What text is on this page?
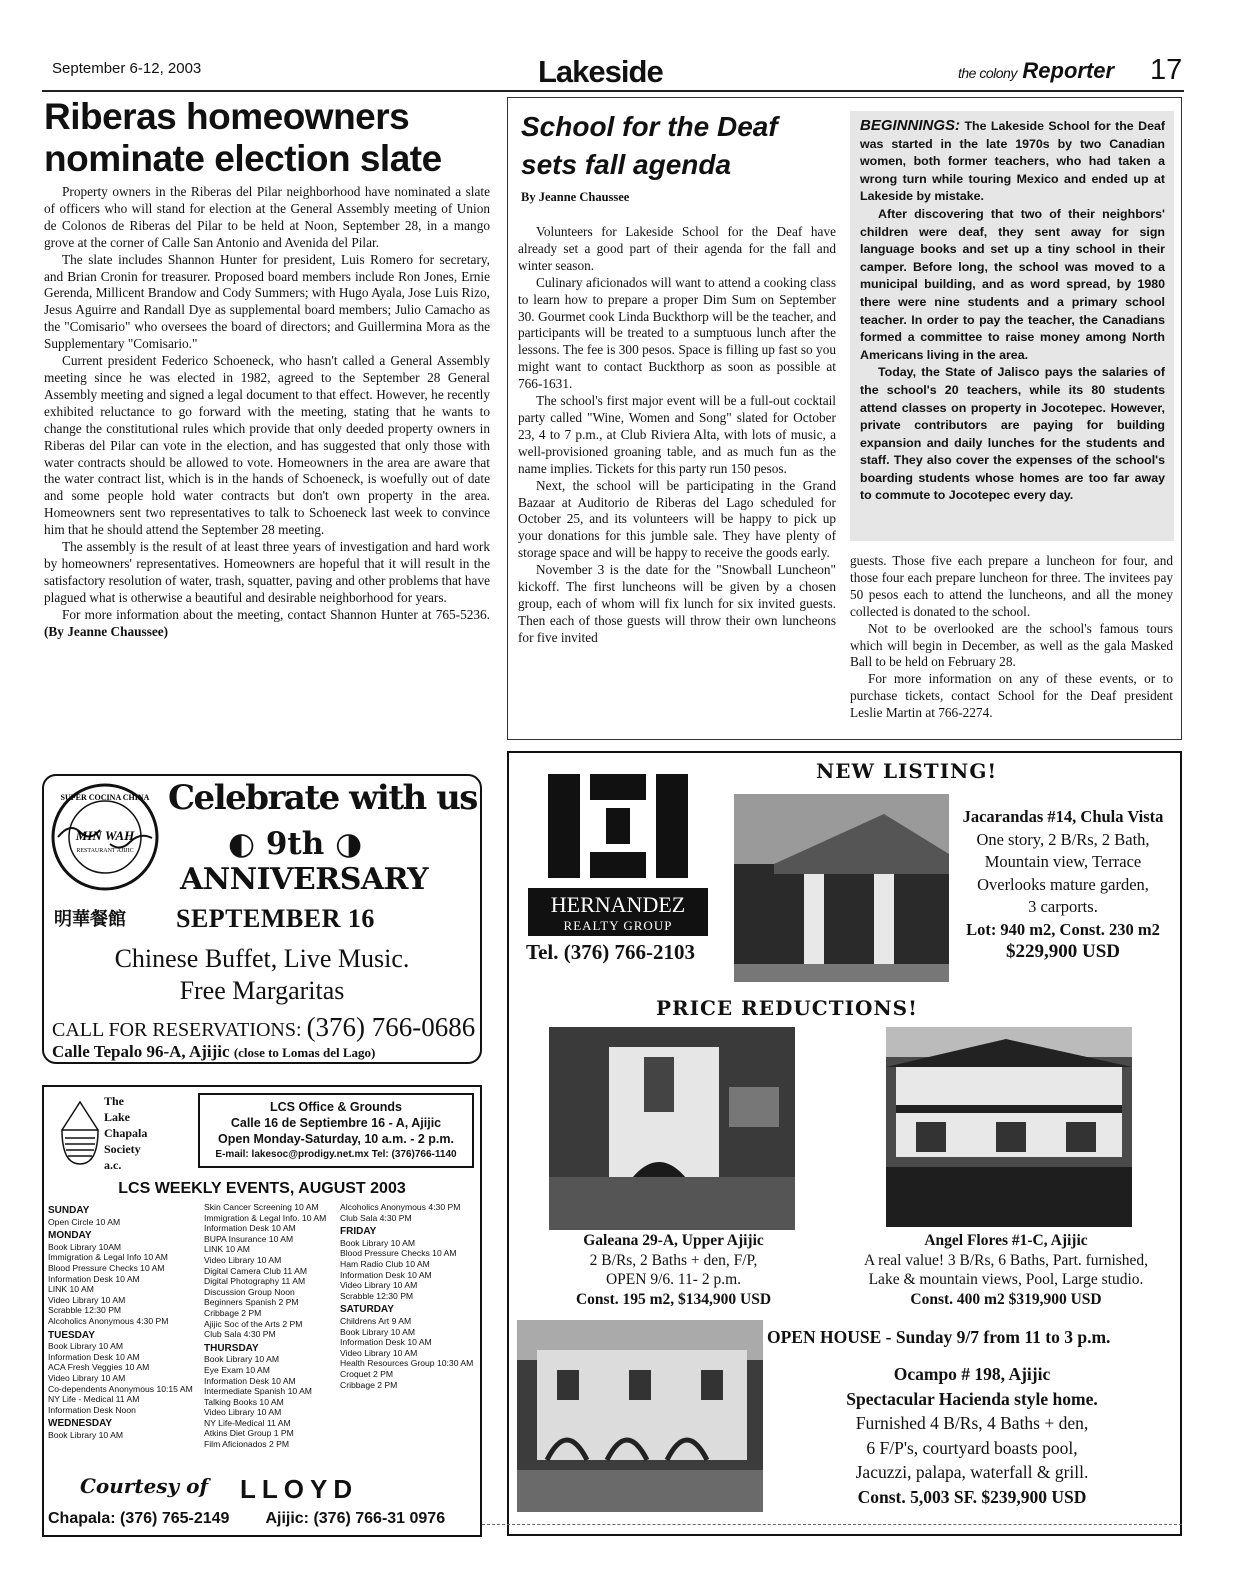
September 6-12, 2003	Lakeside	the colony Reporter 17
Riberas homeowners
nominate election slate

Property owners in the Riberas del Pilar neighborhood have nominated a slate of officers who will stand for election at the General Assembly meeting of Union de Colonos de Riberas del Pilar to be held at Noon, September 28, in a mango grove at the corner of Calle San Antonio and Avenida del Pilar.

The slate includes Shannon Hunter for president, Luis Romero for secretary, and Brian Cronin for treasurer. Proposed board members include Ron Jones, Ernie Gerenda, Millicent Brandow and Cody Summers; with Hugo Ayala, Jose Luis Rizo, Jesus Aguirre and Randall Dye as supplemental board members; Julio Camacho as the "Comisario" who oversees the board of directors; and Guillermina Mora as the Supplementary "Comisario."

Current president Federico Schoeneck, who hasn't called a General Assembly meeting since he was elected in 1982, agreed to the September 28 General Assembly meeting and signed a legal document to that effect. However, he recently exhibited reluctance to go forward with the meeting, stating that he wants to change the constitutional rules which provide that only deeded property owners in Riberas del Pilar can vote in the election, and has suggested that only those with water contracts should be allowed to vote. Homeowners in the area are aware that the water contract list, which is in the hands of Schoeneck, is woefully out of date and some people hold water contracts but don't own property in the area. Homeowners sent two representatives to talk to Schoeneck last week to convince him that he should attend the September 28 meeting.

The assembly is the result of at least three years of investigation and hard work by homeowners' representatives. Homeowners are hopeful that it will result in the satisfactory resolution of water, trash, squatter, paving and other problems that have plagued what is otherwise a beautiful and desirable neighborhood for years.

For more information about the meeting, contact Shannon Hunter at 765-5236. (By Jeanne Chaussee)

School for the Deaf sets fall agenda
By Jeanne Chaussee

Volunteers for Lakeside School for the Deaf have already set a good part of their agenda for the fall and winter season.

Culinary aficionados will want to attend a cooking class to learn how to prepare a proper Dim Sum on September 30. Gourmet cook Linda Buckthorp will be the teacher, and participants will be treated to a sumptuous lunch after the lessons. The fee is 300 pesos. Space is filling up fast so you might want to contact Buckthorp as soon as possible at 766-1631.

The school's first major event will be a full-out cocktail party called "Wine, Women and Song" slated for October 23, 4 to 7 p.m., at Club Riviera Alta, with lots of music, a well-provisioned groaning table, and as much fun as the name implies. Tickets for this party run 150 pesos.

Next, the school will be participating in the Grand Bazaar at Auditorio de Riberas del Lago scheduled for October 25, and its volunteers will be happy to pick up your donations for this jumble sale. They have plenty of storage space and will be happy to receive the goods early.

November 3 is the date for the "Snowball Luncheon" kickoff. The first luncheons will be given by a chosen group, each of whom will fix lunch for six invited guests. Then each of those guests will throw their own luncheons for five invited

BEGINNINGS: The Lakeside School for the Deaf was started in the late 1970s by two Canadian women, both former teachers, who had taken a wrong turn while touring Mexico and ended up at Lakeside by mistake.

After discovering that two of their neighbors' children were deaf, they sent away for sign language books and set up a tiny school in their camper. Before long, the school was moved to a municipal building, and as word spread, by 1980 there were nine students and a primary school teacher. In order to pay the teacher, the Canadians formed a committee to raise money among North Americans living in the area.

Today, the State of Jalisco pays the salaries of the school's 20 teachers, while its 80 students attend classes on property in Jocotepec. However, private contributors are paying for building expansion and daily lunches for the students and staff. They also cover the expenses of the school's boarding students whose homes are too far away to commute to Jocotepec every day.

guests. Those five each prepare a luncheon for four, and those four each prepare luncheon for three. The invitees pay 50 pesos each to attend the luncheons, and all the money collected is donated to the school.

Not to be overlooked are the school's famous tours which will begin in December, as well as the gala Masked Ball to be held on February 28.

For more information on any of these events, or to purchase tickets, contact School for the Deaf president Leslie Martin at 766-2274.

SUPER COCINA CHINA
MIN WAH
RESTAURANT AJIJIC
明華餐館
Celebrate with us
◐ 9th ◑
ANNIVERSARY
SEPTEMBER 16
Chinese Buffet, Live Music.
Free Margaritas
CALL FOR RESERVATIONS: (376) 766-0686
Calle Tepalo 96-A, Ajijic (close to Lomas del Lago)
The
Lake
Chapala
Society
a.c.
LCS Office & Grounds
Calle 16 de Septiembre 16 - A, Ajijic
Open Monday-Saturday, 10 a.m. - 2 p.m.
E-mail: lakesoc@prodigy.net.mx Tel: (376)766-1140
LCS WEEKLY EVENTS, AUGUST 2003
SUNDAY
Open Circle 10 AM
MONDAY
Book Library 10AM
Immigration & Legal Info 10 AM
Blood Pressure Checks 10 AM
Information Desk 10 AM
LINK 10 AM
Video Library 10 AM
Scrabble 12:30 PM
Alcoholics Anonymous 4:30 PM
TUESDAY
Book Library 10 AM
Information Desk 10 AM
ACA Fresh Veggies 10 AM
Video Library 10 AM
Co-dependents Anonymous 10:15 AM
NY Life - Medical 11 AM
Information Desk Noon
WEDNESDAY
Book Library 10 AM
Skin Cancer Screening 10 AM
Immigration & Legal Info. 10 AM
Information Desk 10 AM
BUPA Insurance 10 AM
LINK 10 AM
Video Library 10 AM
Digital Camera Club 11 AM
Digital Photography 11 AM
Discussion Group Noon
Beginners Spanish 2 PM
Cribbage 2 PM
Ajijic Soc of the Arts 2 PM
Club Sala 4:30 PM
THURSDAY
Book Library 10 AM
Eye Exam 10 AM
Information Desk 10 AM
Intermediate Spanish 10 AM
Talking Books 10 AM
Video Library 10 AM
NY Life-Medical 11 AM
Atkins Diet Group 1 PM
Film Aficionados 2 PM
Alcoholics Anonymous 4:30 PM
Club Sala 4:30 PM
FRIDAY
Book Library 10 AM
Blood Pressure Checks 10 AM
Ham Radio Club 10 AM
Information Desk 10 AM
Video Library 10 AM
Scrabble 12:30 PM
SATURDAY
Childrens Art 9 AM
Book Library 10 AM
Information Desk 10 AM
Video Library 10 AM
Health Resources Group 10:30 AM
Croquet 2 PM
Cribbage 2 PM
Courtesy of LLOYD
Chapala: (376) 765-2149 Ajijic: (376) 766-31 0976
HERNANDEZ
REALTY GROUP
Tel. (376) 766-2103
NEW LISTING!
Jacarandas #14, Chula Vista
One story, 2 B/Rs, 2 Bath,
Mountain view, Terrace
Overlooks mature garden,
3 carports.
Lot: 940 m2, Const. 230 m2
$229,900 USD
PRICE REDUCTIONS!
Galeana 29-A, Upper Ajijic
2 B/Rs, 2 Baths + den, F/P,
OPEN 9/6. 11- 2 p.m.
Const. 195 m2, $134,900 USD
Angel Flores #1-C, Ajijic
A real value! 3 B/Rs, 6 Baths, Part. furnished,
Lake & mountain views, Pool, Large studio.
Const. 400 m2 $319,900 USD
OPEN HOUSE - Sunday 9/7 from 11 to 3 p.m.
Ocampo # 198, Ajijic
Spectacular Hacienda style home.
Furnished 4 B/Rs, 4 Baths + den,
6 F/P's, courtyard boasts pool,
Jacuzzi, palapa, waterfall & grill.
Const. 5,003 SF. $239,900 USD
